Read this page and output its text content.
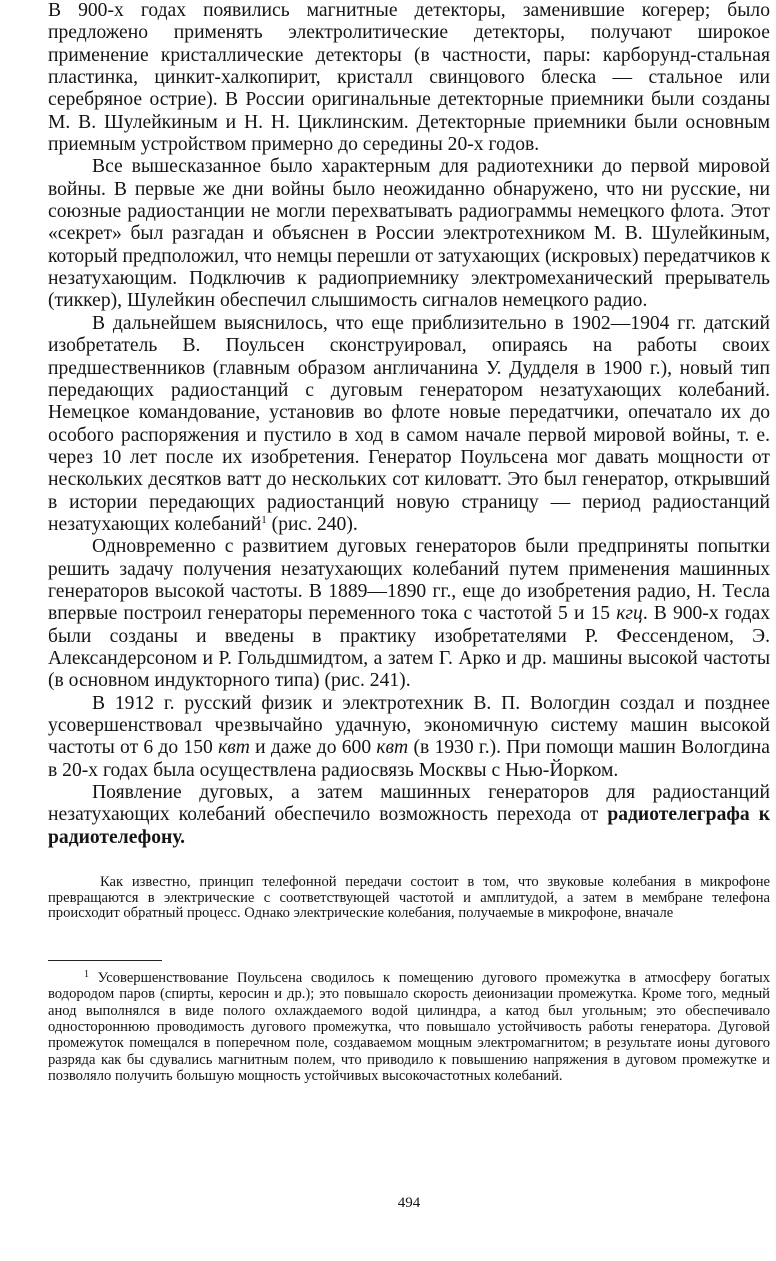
В 900-х годах появились магнитные детекторы, заменившие когерер; было предложено применять электролитические детекторы, получают широкое применение кристаллические детекторы (в частности, пары: карборунд-стальная пластинка, цинкит-халкопирит, кристалл свинцового блеска — стальное или серебряное острие). В России оригинальные детекторные приемники были созданы М. В. Шулейкиным и Н. Н. Циклинским. Детекторные приемники были основным приемным устройством примерно до середины 20-х годов.

Все вышесказанное было характерным для радиотехники до первой мировой войны. В первые же дни войны было неожиданно обнаружено, что ни русские, ни союзные радиостанции не могли перехватывать радиограммы немецкого флота. Этот «секрет» был разгадан и объяснен в России электротехником М. В. Шулейкиным, который предположил, что немцы перешли от затухающих (искровых) передатчиков к незатухающим. Подключив к радиоприемнику электромеханический прерыватель (тиккер), Шулейкин обеспечил слышимость сигналов немецкого радио.

В дальнейшем выяснилось, что еще приблизительно в 1902—1904 гг. датский изобретатель В. Поульсен сконструировал, опираясь на работы своих предшественников (главным образом англичанина У. Дудделя в 1900 г.), новый тип передающих радиостанций с дуговым генератором незатухающих колебаний. Немецкое командование, установив во флоте новые передатчики, опечатало их до особого распоряжения и пустило в ход в самом начале первой мировой войны, т. е. через 10 лет после их изобретения. Генератор Поульсена мог давать мощности от нескольких десятков ватт до нескольких сот киловатт. Это был генератор, открывший в истории передающих радиостанций новую страницу — период радиостанций незатухающих колебаний$^1$ (рис. 240).

Одновременно с развитием дуговых генераторов были предприняты попытки решить задачу получения незатухающих колебаний путем применения машинных генераторов высокой частоты. В 1889—1890 гг., еще до изобретения радио, Н. Тесла впервые построил генераторы переменного тока с частотой 5 и 15 кгц. В 900-х годах были созданы и введены в практику изобретателями Р. Фессенденом, Э. Александерсоном и Р. Гольдшмидтом, а затем Г. Арко и др. машины высокой частоты (в основном индукторного типа) (рис. 241).

В 1912 г. русский физик и электротехник В. П. Вологдин создал и позднее усовершенствовал чрезвычайно удачную, экономичную систему машин высокой частоты от 6 до 150 квт и даже до 600 квт (в 1930 г.). При помощи машин Вологдина в 20-х годах была осуществлена радиосвязь Москвы с Нью-Йорком.

Появление дуговых, а затем машинных генераторов для радиостанций незатухающих колебаний обеспечило возможность перехода от радиотелеграфа к радиотелефону.

Как известно, принцип телефонной передачи состоит в том, что звуковые колебания в микрофоне превращаются в электрические с соответствующей частотой и амплитудой, а затем в мембране телефона происходит обратный процесс. Однако электрические колебания, получаемые в микрофоне, вначале
$^1$ Усовершенствование Поульсена сводилось к помещению дугового промежутка в атмосферу богатых водородом паров (спирты, керосин и др.); это повышало скорость деионизации промежутка. Кроме того, медный анод выполнялся в виде полого охлаждаемого водой цилиндра, а катод был угольным; это обеспечивало одностороннюю проводимость дугового промежутка, что повышало устойчивость работы генератора. Дуговой промежуток помещался в поперечном поле, создаваемом мощным электромагнитом; в результате ионы дугового разряда как бы сдувались магнитным полем, что приводило к повышению напряжения в дуговом промежутке и позволяло получить большую мощность устойчивых высокочастотных колебаний.
494
